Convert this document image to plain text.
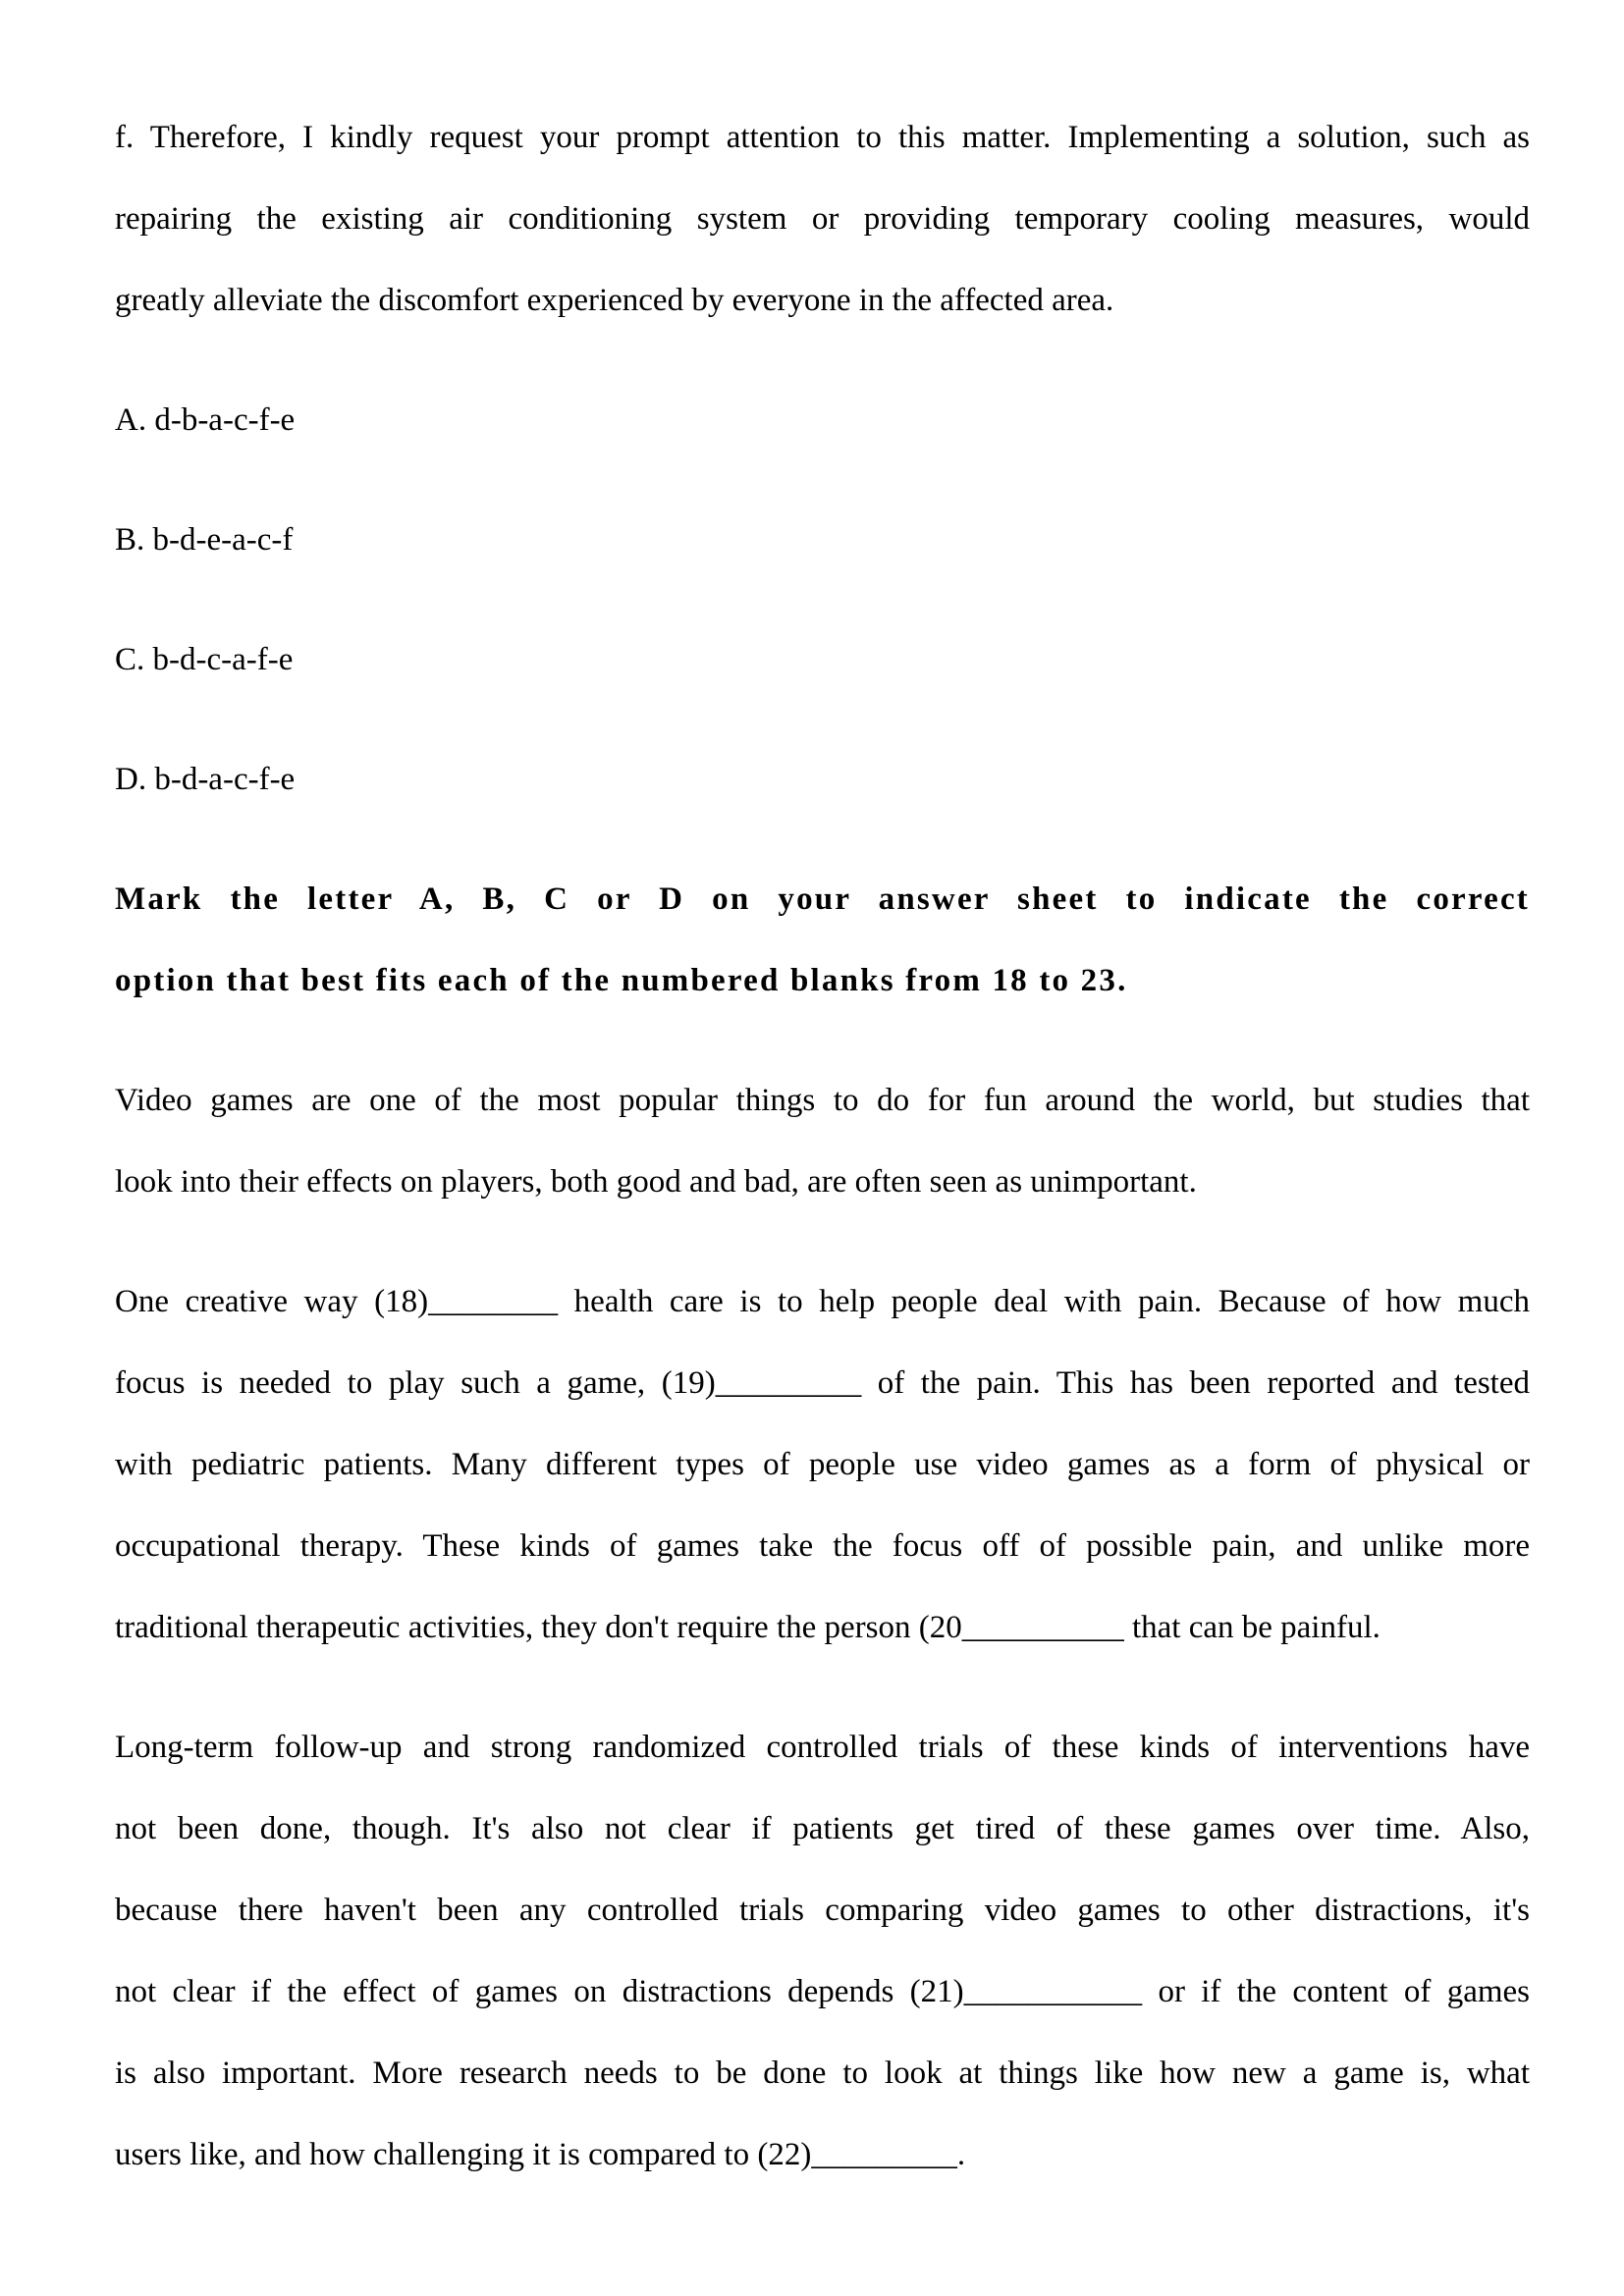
f. Therefore, I kindly request your prompt attention to this matter. Implementing a solution, such as
repairing the existing air conditioning system or providing temporary cooling measures, would
greatly alleviate the discomfort experienced by everyone in the affected area.
A. d-b-a-c-f-e
B. b-d-e-a-c-f
C. b-d-c-a-f-e
D. b-d-a-c-f-e
Mark the letter A, B, C or D on your answer sheet to indicate the correct
option that best fits each of the numbered blanks from 18 to 23.
Video games are one of the most popular things to do for fun around the world, but studies that
look into their effects on players, both good and bad, are often seen as unimportant.
One creative way (18)________ health care is to help people deal with pain. Because of how much
focus is needed to play such a game, (19)_________ of the pain. This has been reported and tested
with pediatric patients. Many different types of people use video games as a form of physical or
occupational therapy. These kinds of games take the focus off of possible pain, and unlike more
traditional therapeutic activities, they don't require the person (20__________ that can be painful.
Long-term follow-up and strong randomized controlled trials of these kinds of interventions have
not been done, though. It's also not clear if patients get tired of these games over time. Also,
because there haven't been any controlled trials comparing video games to other distractions, it's
not clear if the effect of games on distractions depends (21)___________ or if the content of games
is also important. More research needs to be done to look at things like how new a game is, what
users like, and how challenging it is compared to (22)_________.
